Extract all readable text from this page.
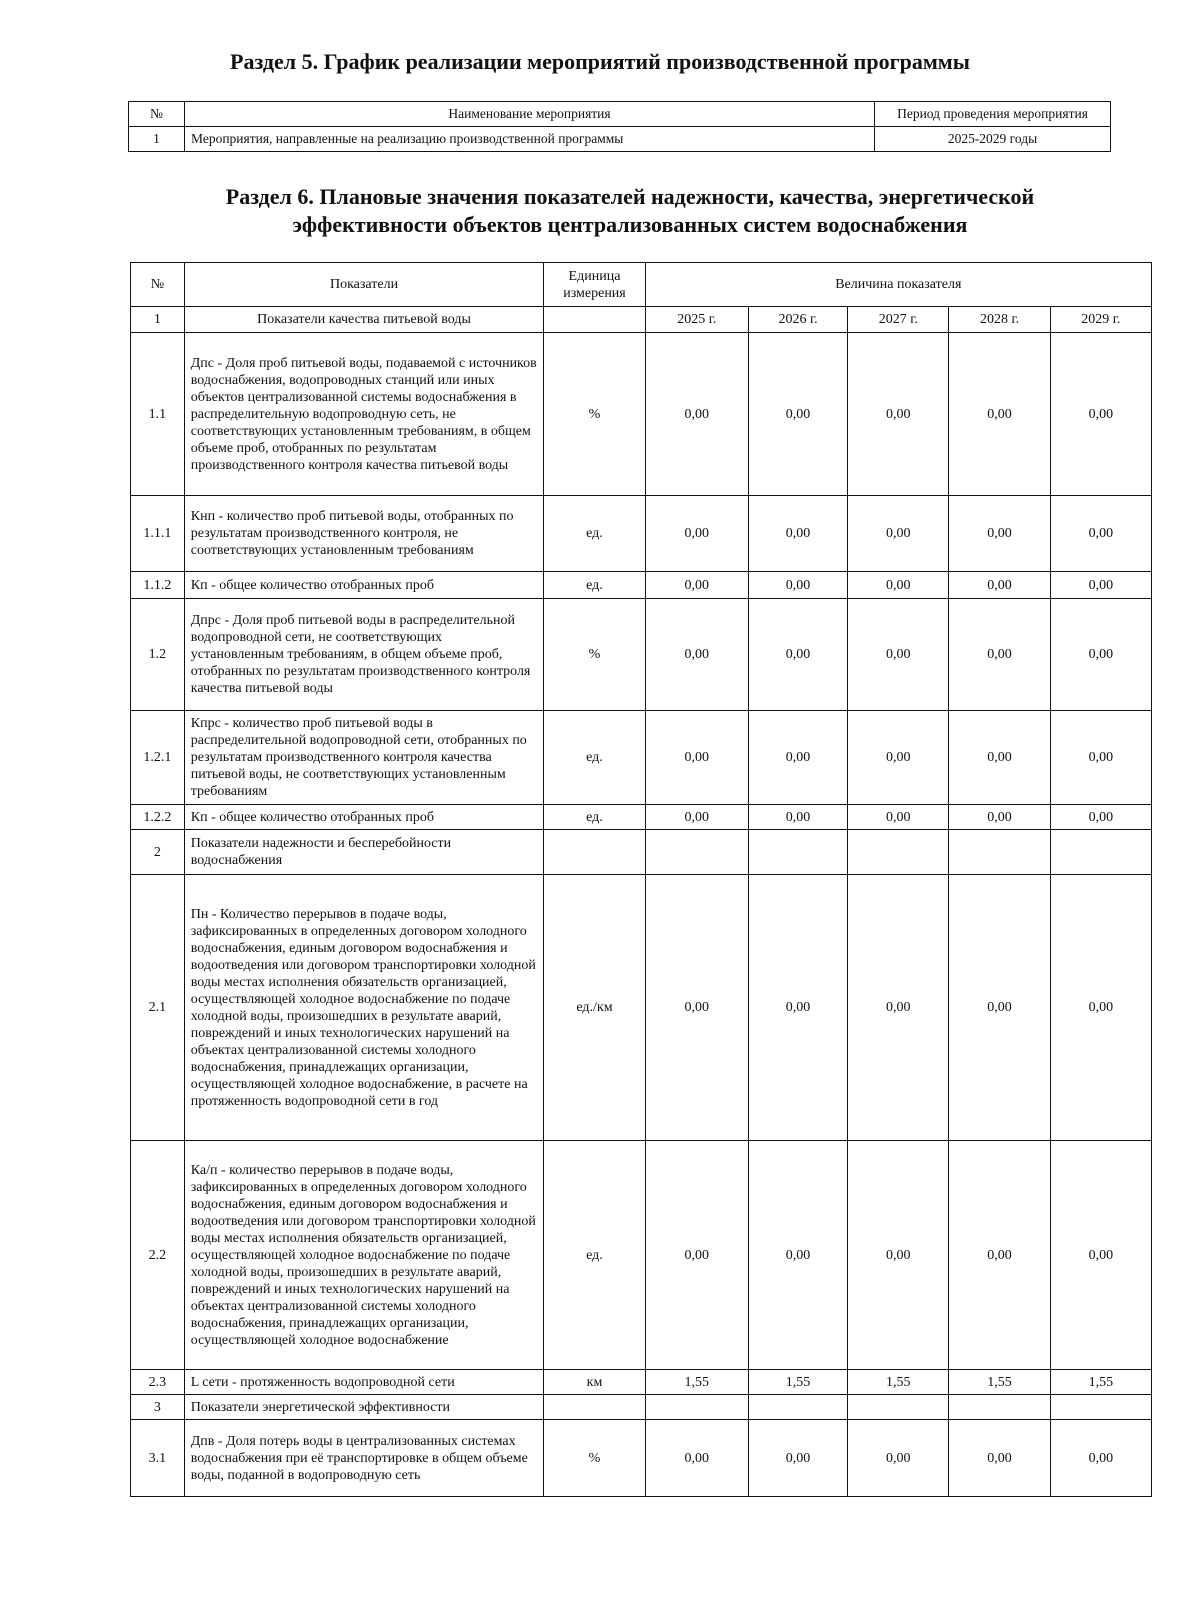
Раздел 5. График реализации мероприятий производственной программы
№	Наименование мероприятия	Период проведения мероприятия
1	Мероприятия, направленные на реализацию производственной программы	2025-2029 годы
Раздел 6. Плановые значения показателей надежности, качества, энергетической эффективности объектов централизованных систем водоснабжения
№	Показатели	Единица измерения	Величина показателя				
1	Показатели качества питьевой воды		2025 г.	2026 г.	2027 г.	2028 г.	2029 г.
1.1	Дпс - Доля проб питьевой воды, подаваемой с источников водоснабжения, водопроводных станций или иных объектов централизованной системы водоснабжения в распределительную водопроводную сеть, не соответствующих установленным требованиям, в общем объеме проб, отобранных по результатам производственного контроля качества питьевой воды	%	0,00	0,00	0,00	0,00	0,00
1.1.1	Кнп - количество проб питьевой воды, отобранных по результатам производственного контроля, не соответствующих установленным требованиям	ед.	0,00	0,00	0,00	0,00	0,00
1.1.2	Кп - общее количество отобранных проб	ед.	0,00	0,00	0,00	0,00	0,00
1.2	Дпрс - Доля проб питьевой воды в распределительной водопроводной сети, не соответствующих установленным требованиям, в общем объеме проб, отобранных по результатам производственного контроля качества питьевой воды	%	0,00	0,00	0,00	0,00	0,00
1.2.1	Кпрс - количество проб питьевой воды в распределительной водопроводной сети, отобранных по результатам производственного контроля качества питьевой воды, не соответствующих установленным требованиям	ед.	0,00	0,00	0,00	0,00	0,00
1.2.2	Кп - общее количество отобранных проб	ед.	0,00	0,00	0,00	0,00	0,00
2	Показатели надежности и бесперебойности водоснабжения						
2.1	Пн - Количество перерывов в подаче воды, зафиксированных в определенных договором холодного водоснабжения, единым договором водоснабжения и водоотведения или договором транспортировки холодной воды местах исполнения обязательств организацией, осуществляющей холодное водоснабжение по подаче холодной воды, произошедших в результате аварий, повреждений и иных технологических нарушений на объектах централизованной системы холодного водоснабжения, принадлежащих организации, осуществляющей холодное водоснабжение, в расчете на протяженность водопроводной сети в год	ед./км	0,00	0,00	0,00	0,00	0,00
2.2	Ка/п - количество перерывов в подаче воды, зафиксированных в определенных договором холодного водоснабжения, единым договором водоснабжения и водоотведения или договором транспортировки холодной воды местах исполнения обязательств организацией, осуществляющей холодное водоснабжение по подаче холодной воды, произошедших в результате аварий, повреждений и иных технологических нарушений на объектах централизованной системы холодного водоснабжения, принадлежащих организации, осуществляющей холодное водоснабжение	ед.	0,00	0,00	0,00	0,00	0,00
2.3	L сети - протяженность водопроводной сети	км	1,55	1,55	1,55	1,55	1,55
3	Показатели энергетической эффективности						
3.1	Дпв - Доля потерь воды в централизованных системах водоснабжения при её транспортировке в общем объеме воды, поданной в водопроводную сеть	%	0,00	0,00	0,00	0,00	0,00
